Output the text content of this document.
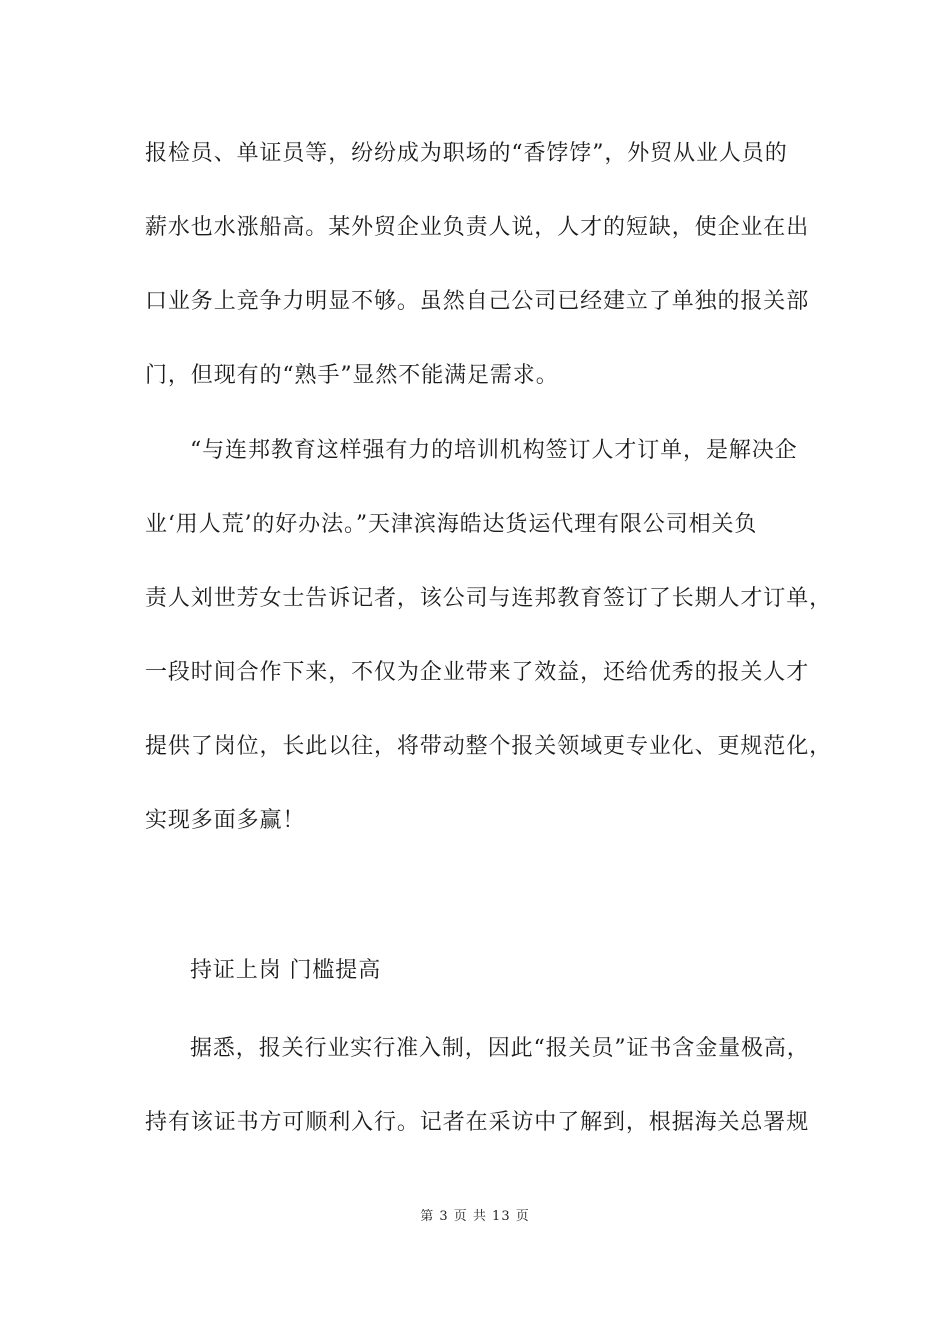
报检员、单证员等，纷纷成为职场的“香饽饽”，外贸从业人员的
薪水也水涨船高。某外贸企业负责人说，人才的短缺，使企业在出
口业务上竞争力明显不够。虽然自己公司已经建立了单独的报关部
门，但现有的“熟手”显然不能满足需求。
“与连邦教育这样强有力的培训机构签订人才订单，是解决企
业‘用人荒’的好办法。”天津滨海皓达货运代理有限公司相关负
责人刘世芳女士告诉记者，该公司与连邦教育签订了长期人才订单，
一段时间合作下来，不仅为企业带来了效益，还给优秀的报关人才
提供了岗位，长此以往，将带动整个报关领域更专业化、更规范化，
实现多面多赢！
持证上岗 门槛提高
据悉，报关行业实行准入制，因此“报关员”证书含金量极高，
持有该证书方可顺利入行。记者在采访中了解到，根据海关总署规
第 3 页 共 13 页
